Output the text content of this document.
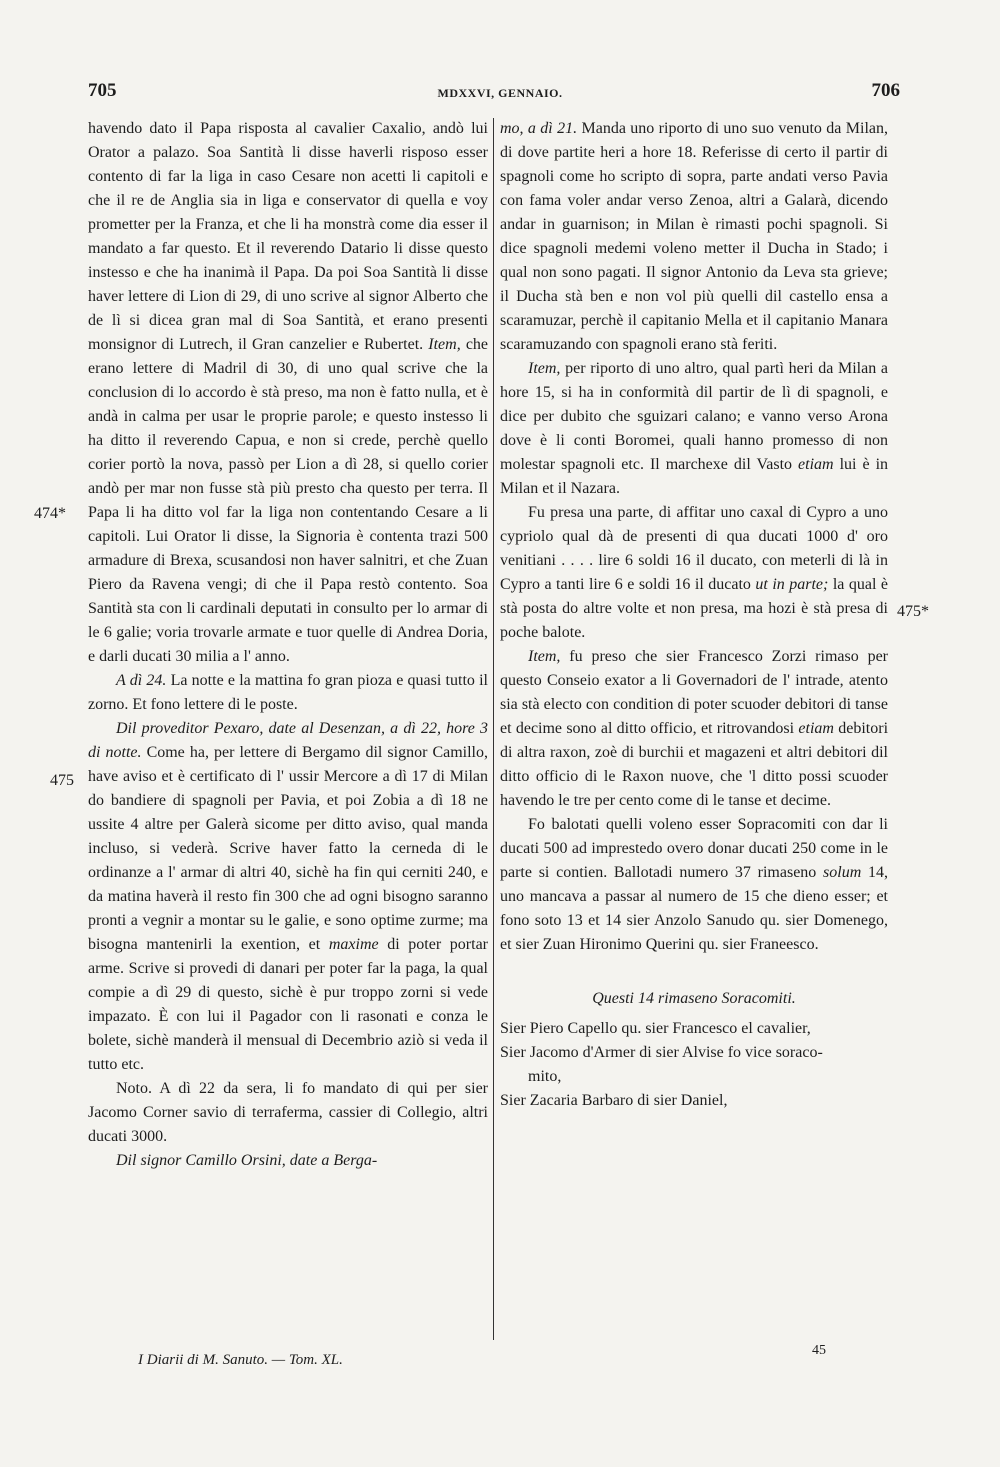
705	MDXXVI, GENNAIO.	706
474*
475
475*

havendo dato il Papa risposta al cavalier Caxalio, andò lui Orator a palazo. Soa Santità li disse haverli risposo esser contento di far la liga in caso Cesare non acetti li capitoli e che il re de Anglia sia in liga e conservator di quella e voy prometter per la Franza, et che li ha monstrà come dia esser il mandato a far questo. Et il reverendo Datario li disse questo instesso e che ha inanimà il Papa. Da poi Soa Santità li disse haver lettere di Lion di 29, di uno scrive al signor Alberto che de lì si dicea gran mal di Soa Santità, et erano presenti monsignor di Lutrech, il Gran canzelier e Rubertet. Item, che erano lettere di Madril di 30, di uno qual scrive che la conclusion di lo accordo è stà preso, ma non è fatto nulla, et è andà in calma per usar le proprie parole; e questo instesso li ha ditto il reverendo Capua, e non si crede, perchè quello corier portò la nova, passò per Lion a dì 28, si quello corier andò per mar non fusse stà più presto cha questo per terra. Il Papa li ha ditto vol far la liga non contentando Cesare a li capitoli. Lui Orator li disse, la Signoria è contenta trazi 500 armadure di Brexa, scusandosi non haver salnitri, et che Zuan Piero da Ravena vengi; di che il Papa restò contento. Soa Santità sta con li cardinali deputati in consulto per lo armar di le 6 galie; voria trovarle armate e tuor quelle di Andrea Doria, e darli ducati 30 milia a l' anno.

A dì 24. La notte e la mattina fo gran pioza e quasi tutto il zorno. Et fono lettere di le poste.

Dil proveditor Pexaro, date al Desenzan, a dì 22, hore 3 di notte. Come ha, per lettere di Bergamo dil signor Camillo, have aviso et è certificato di l' ussir Mercore a dì 17 di Milan do bandiere di spagnoli per Pavia, et poi Zobia a dì 18 ne ussite 4 altre per Galerà sicome per ditto aviso, qual manda incluso, si vederà. Scrive haver fatto la cerneda di le ordinanze a l' armar di altri 40, sichè ha fin qui cerniti 240, e da matina haverà il resto fin 300 che ad ogni bisogno saranno pronti a vegnir a montar su le galie, e sono optime zurme; ma bisogna mantenirli la exention, et maxime di poter portar arme. Scrive si provedi di danari per poter far la paga, la qual compie a dì 29 di questo, sichè è pur troppo zorni si vede impazato. È con lui il Pagador con li rasonati e conza le bolete, sichè manderà il mensual di Decembrio aziò si veda il tutto etc.

Noto. A dì 22 da sera, li fo mandato di qui per sier Jacomo Corner savio di terraferma, cassier di Collegio, altri ducati 3000.

Dil signor Camillo Orsini, date a Berga-

mo, a dì 21. Manda uno riporto di uno suo venuto da Milan, di dove partite heri a hore 18. Referisse di certo il partir di spagnoli come ho scripto di sopra, parte andati verso Pavia con fama voler andar verso Zenoa, altri a Galarà, dicendo andar in guarnison; in Milan è rimasti pochi spagnoli. Si dice spagnoli medemi voleno metter il Ducha in Stado; i qual non sono pagati. Il signor Antonio da Leva sta grieve; il Ducha stà ben e non vol più quelli dil castello ensa a scaramuzar, perchè il capitanio Mella et il capitanio Manara scaramuzando con spagnoli erano stà feriti.

Item, per riporto di uno altro, qual partì heri da Milan a hore 15, si ha in conformità dil partir de lì di spagnoli, e dice per dubito che sguizari calano; e vanno verso Arona dove è li conti Boromei, quali hanno promesso di non molestar spagnoli etc. Il marchexe dil Vasto etiam lui è in Milan et il Nazara.

Fu presa una parte, di affitar uno caxal di Cypro a uno cypriolo qual dà de presenti di qua ducati 1000 d' oro venitiani . . . . lire 6 soldi 16 il ducato, con meterli di là in Cypro a tanti lire 6 e soldi 16 il ducato ut in parte; la qual è stà posta do altre volte et non presa, ma hozi è stà presa di poche balote.

Item, fu preso che sier Francesco Zorzi rimaso per questo Conseio exator a li Governadori de l' intrade, atento sia stà electo con condition di poter scuoder debitori di tanse et decime sono al ditto officio, et ritrovandosi etiam debitori di altra raxon, zoè di burchii et magazeni et altri debitori dil ditto officio di le Raxon nuove, che 'l ditto possi scuoder havendo le tre per cento come di le tanse et decime.

Fo balotati quelli voleno esser Sopracomiti con dar li ducati 500 ad imprestedo overo donar ducati 250 come in le parte si contien. Ballotadi numero 37 rimaseno solum 14, uno mancava a passar al numero de 15 che dieno esser; et fono soto 13 et 14 sier Anzolo Sanudo qu. sier Domenego, et sier Zuan Hironimo Querini qu. sier Franeesco.

Questi 14 rimaseno Soracomiti.

Sier Piero Capello qu. sier Francesco el cavalier,

Sier Jacomo d'Armer di sier Alvise fo vice soraco-

mito,

Sier Zacaria Barbaro di sier Daniel,

I Diarii di M. Sanuto. — Tom. XL.
45
